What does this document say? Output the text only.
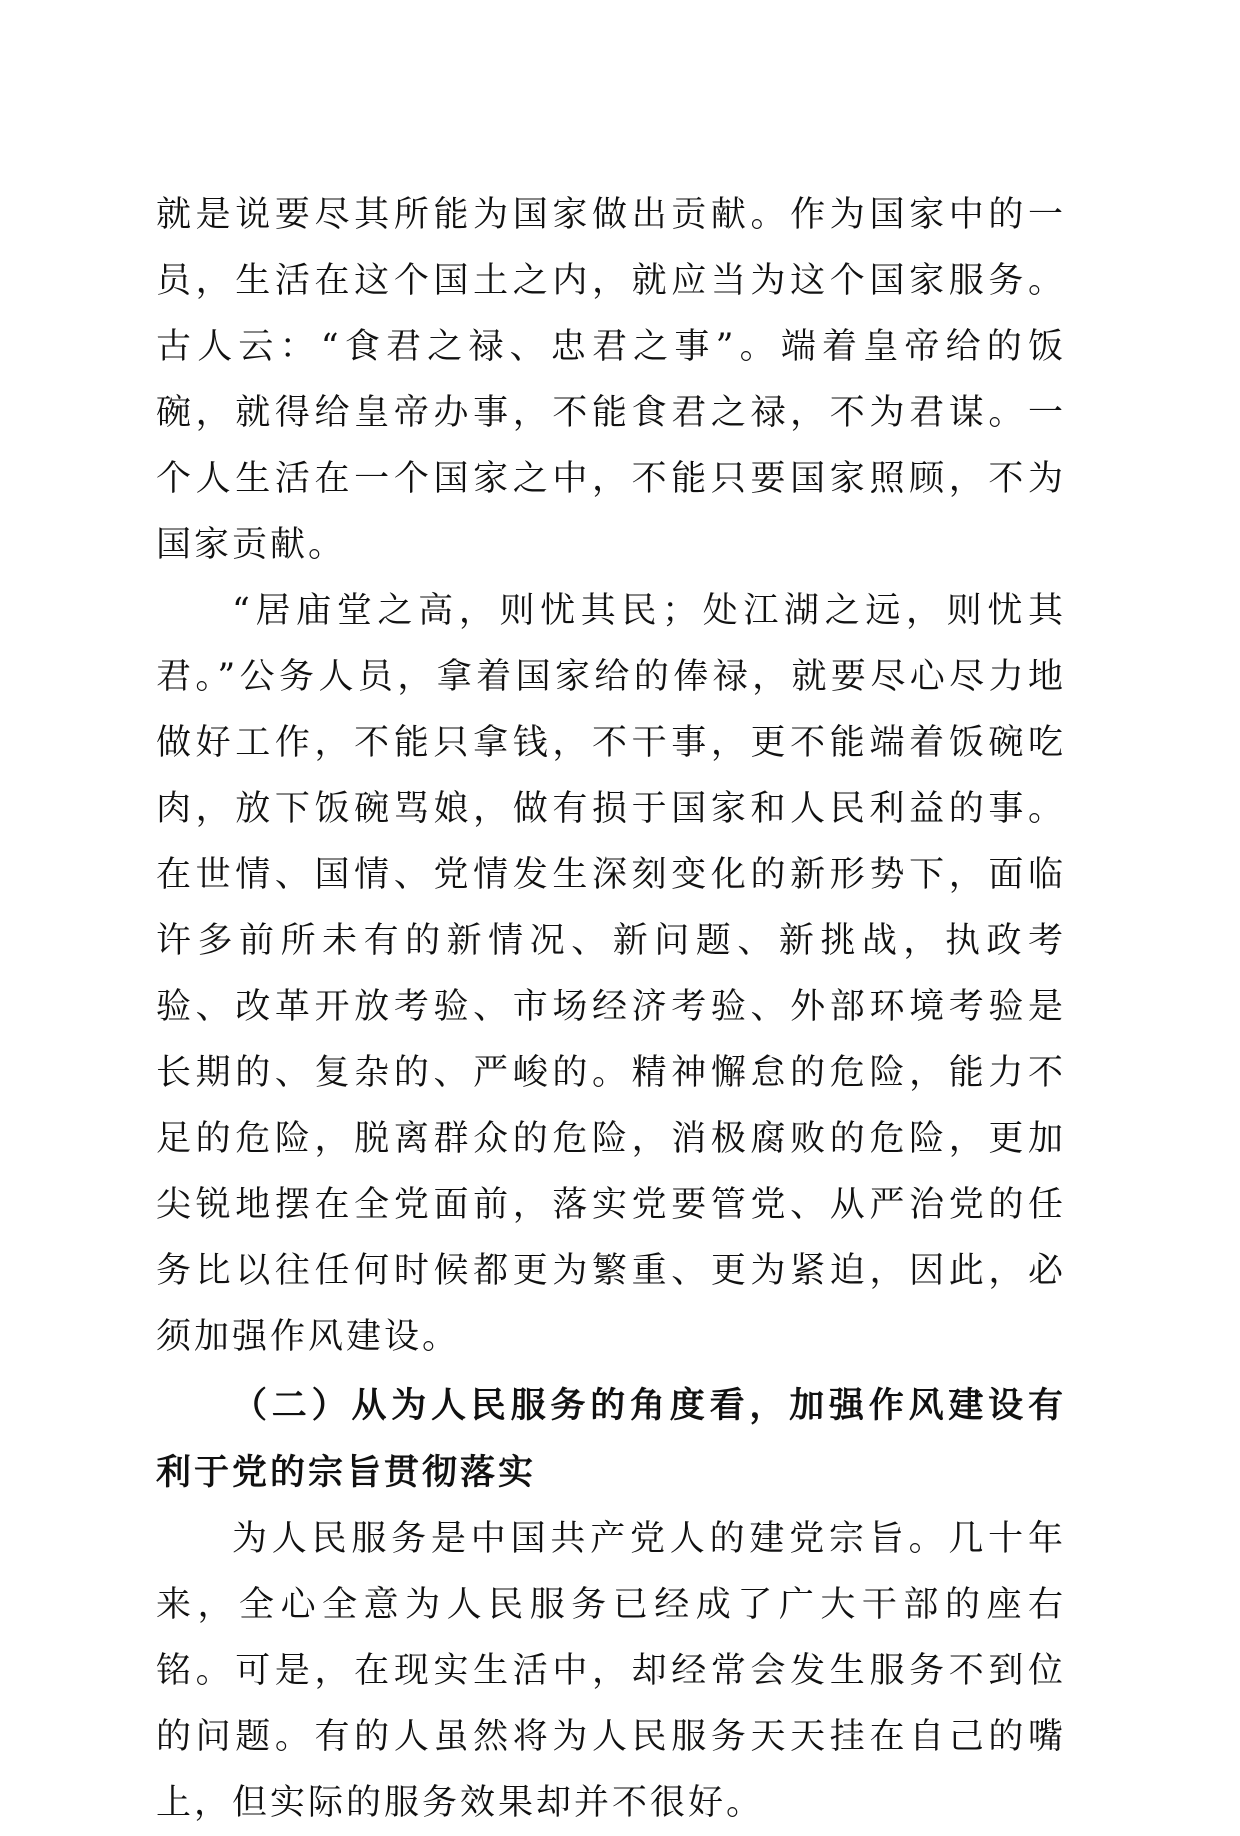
就是说要尽其所能为国家做出贡献。作为国家中的一员，生活在这个国土之内，就应当为这个国家服务。古人云：“食君之禄、忠君之事”。端着皇帝给的饭碗，就得给皇帝办事，不能食君之禄，不为君谋。一个人生活在一个国家之中，不能只要国家照顾，不为国家贡献。

“居庙堂之高，则忧其民；处江湖之远，则忧其君。”公务人员，拿着国家给的俸禄，就要尽心尽力地做好工作，不能只拿钱，不干事，更不能端着饭碗吃肉，放下饭碗骂娘，做有损于国家和人民利益的事。在世情、国情、党情发生深刻变化的新形势下，面临许多前所未有的新情况、新问题、新挑战，执政考验、改革开放考验、市场经济考验、外部环境考验是长期的、复杂的、严峻的。精神懈怠的危险，能力不足的危险，脱离群众的危险，消极腐败的危险，更加尖锐地摆在全党面前，落实党要管党、从严治党的任务比以往任何时候都更为繁重、更为紧迫，因此，必须加强作风建设。

（二）从为人民服务的角度看，加强作风建设有利于党的宗旨贯彻落实

为人民服务是中国共产党人的建党宗旨。几十年来，全心全意为人民服务已经成了广大干部的座右铭。可是，在现实生活中，却经常会发生服务不到位的问题。有的人虽然将为人民服务天天挂在自己的嘴上，但实际的服务效果却并不很好。
